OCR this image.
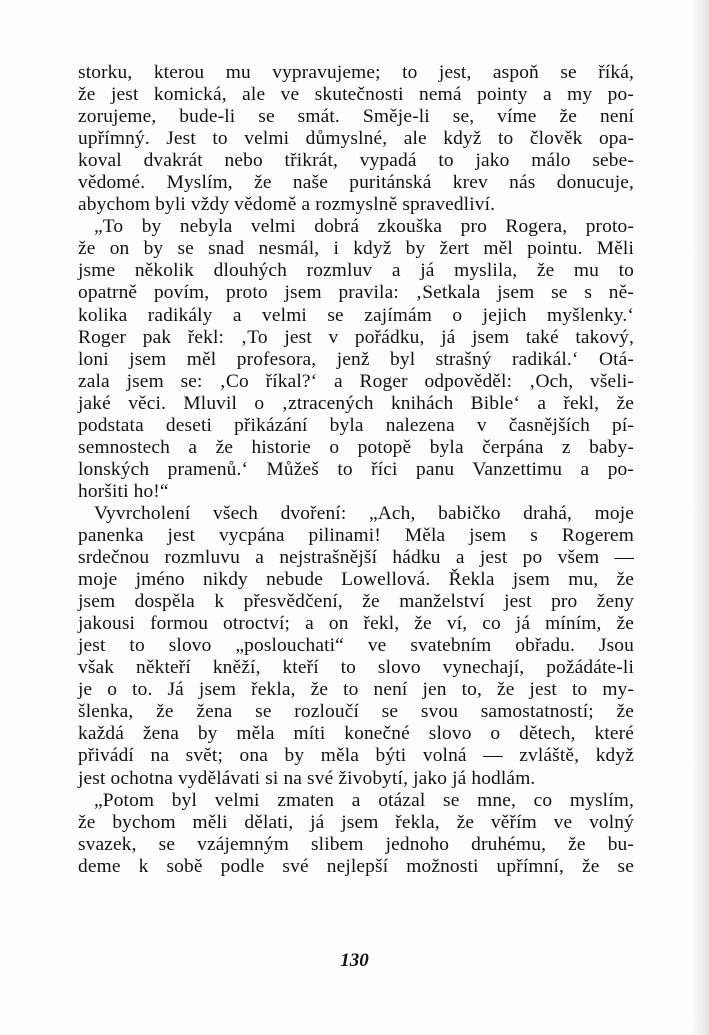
storku, kterou mu vypravujeme; to jest, aspoň se říká,
že jest komická, ale ve skutečnosti nemá pointy a my po-
zorujeme, bude-li se smát. Směje-li se, víme že není
upřímný. Jest to velmi důmyslné, ale když to člověk opa-
koval dvakrát nebo třikrát, vypadá to jako málo sebe-
vědomé. Myslím, že naše puritánská krev nás donucuje,
abychom byli vždy vědomě a rozmyslně spravedliví.
„To by nebyla velmi dobrá zkouška pro Rogera, proto-
že on by se snad nesmál, i když by žert měl pointu. Měli
jsme několik dlouhých rozmluv a já myslila, že mu to
opatrně povím, proto jsem pravila: ‚Setkala jsem se s ně-
kolika radikály a velmi se zajímám o jejich myšlenky.‘
Roger pak řekl: ‚To jest v pořádku, já jsem také takový,
loni jsem měl profesora, jenž byl strašný radikál.‘ Otá-
zala jsem se: ‚Co říkal?‘ a Roger odpověděl: ‚Och, všeli-
jaké věci. Mluvil o ‚ztracených knihách Bible‘ a řekl, že
podstata deseti přikázání byla nalezena v časnějších pí-
semnostech a že historie o potopě byla čerpána z baby-
lonských pramenů.‘ Můžeš to říci panu Vanzettimu a po-
horšiti ho!“
Vyvrcholení všech dvoření: „Ach, babičko drahá, moje
panenka jest vycpána pilinami! Měla jsem s Rogerem
srdečnou rozmluvu a nejstrašnější hádku a jest po všem —
moje jméno nikdy nebude Lowellová. Řekla jsem mu, že
jsem dospěla k přesvědčení, že manželství jest pro ženy
jakousi formou otroctví; a on řekl, že ví, co já míním, že
jest to slovo „poslouchati“ ve svatebním obřadu. Jsou
však někteří kněží, kteří to slovo vynechají, požádáte-li
je o to. Já jsem řekla, že to není jen to, že jest to my-
šlenka, že žena se rozloučí se svou samostatností; že
každá žena by měla míti konečné slovo o dětech, které
přivádí na svět; ona by měla býti volná — zvláště, když
jest ochotna vydělávati si na své živobytí, jako já hodlám.
„Potom byl velmi zmaten a otázal se mne, co myslím,
že bychom měli dělati, já jsem řekla, že věřím ve volný
svazek, se vzájemným slibem jednoho druhému, že bu-
deme k sobě podle své nejlepší možnosti upřímní, že se
130
